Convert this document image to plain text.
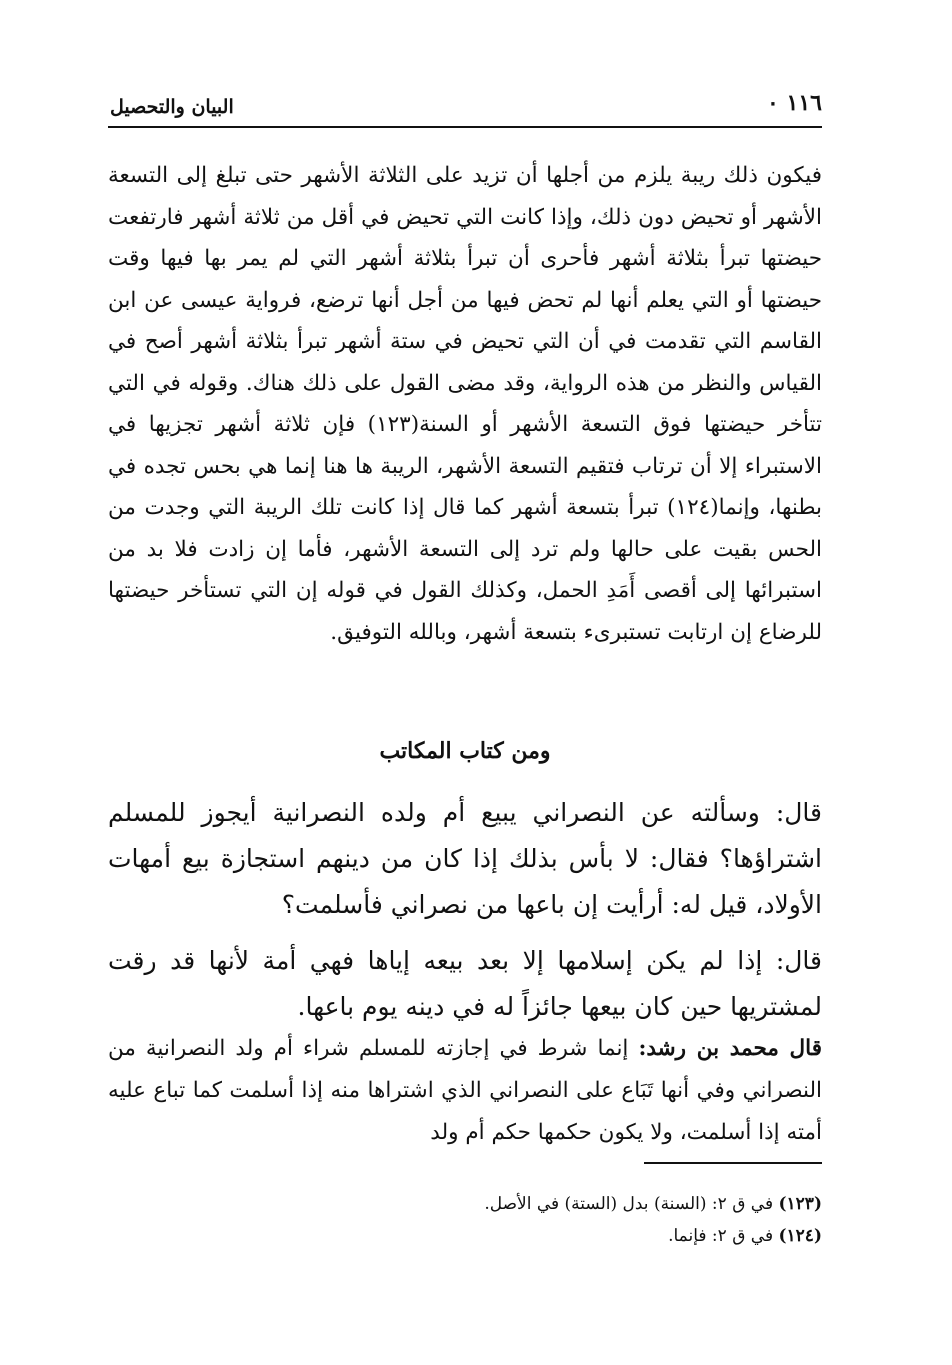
١١٦ ٠
البيان والتحصيل

فيكون ذلك ريبة يلزم من أجلها أن تزيد على الثلاثة الأشهر حتى تبلغ إلى التسعة الأشهر أو تحيض دون ذلك، وإذا كانت التي تحيض في أقل من ثلاثة أشهر فارتفعت حيضتها تبرأ بثلاثة أشهر فأحرى أن تبرأ بثلاثة أشهر التي لم يمر بها فيها وقت حيضتها أو التي يعلم أنها لم تحض فيها من أجل أنها ترضع، فرواية عيسى عن ابن القاسم التي تقدمت في أن التي تحيض في ستة أشهر تبرأ بثلاثة أشهر أصح في القياس والنظر من هذه الرواية، وقد مضى القول على ذلك هناك. وقوله في التي تتأخر حيضتها فوق التسعة الأشهر أو السنة(١٢٣) فإن ثلاثة أشهر تجزيها في الاستبراء إلا أن ترتاب فتقيم التسعة الأشهر، الريبة ها هنا إنما هي بحس تجده في بطنها، وإنما(١٢٤) تبرأ بتسعة أشهر كما قال إذا كانت تلك الريبة التي وجدت من الحس بقيت على حالها ولم ترد إلى التسعة الأشهر، فأما إن زادت فلا بد من استبرائها إلى أقصى أَمَدِ الحمل، وكذلك القول في قوله إن التي تستأخر حيضتها للرضاع إن ارتابت تستبرىء بتسعة أشهر، وبالله التوفيق.

ومن كتاب المكاتب

قال: وسألته عن النصراني يبيع أم ولده النصرانية أيجوز للمسلم اشتراؤها؟ فقال: لا بأس بذلك إذا كان من دينهم استجازة بيع أمهات الأولاد، قيل له: أرأيت إن باعها من نصراني فأسلمت؟

قال: إذا لم يكن إسلامها إلا بعد بيعه إياها فهي أمة لأنها قد رقت لمشتريها حين كان بيعها جائزاً له في دينه يوم باعها.

قال محمد بن رشد: إنما شرط في إجازته للمسلم شراء أم ولد النصرانية من النصراني وفي أنها تَبَاع على النصراني الذي اشتراها منه إذا أسلمت كما تباع عليه أمته إذا أسلمت، ولا يكون حكمها حكم أم ولد

(١٢٣) في ق ٢: (السنة) بدل (الستة) في الأصل.
(١٢٤) في ق ٢: فإنما.
